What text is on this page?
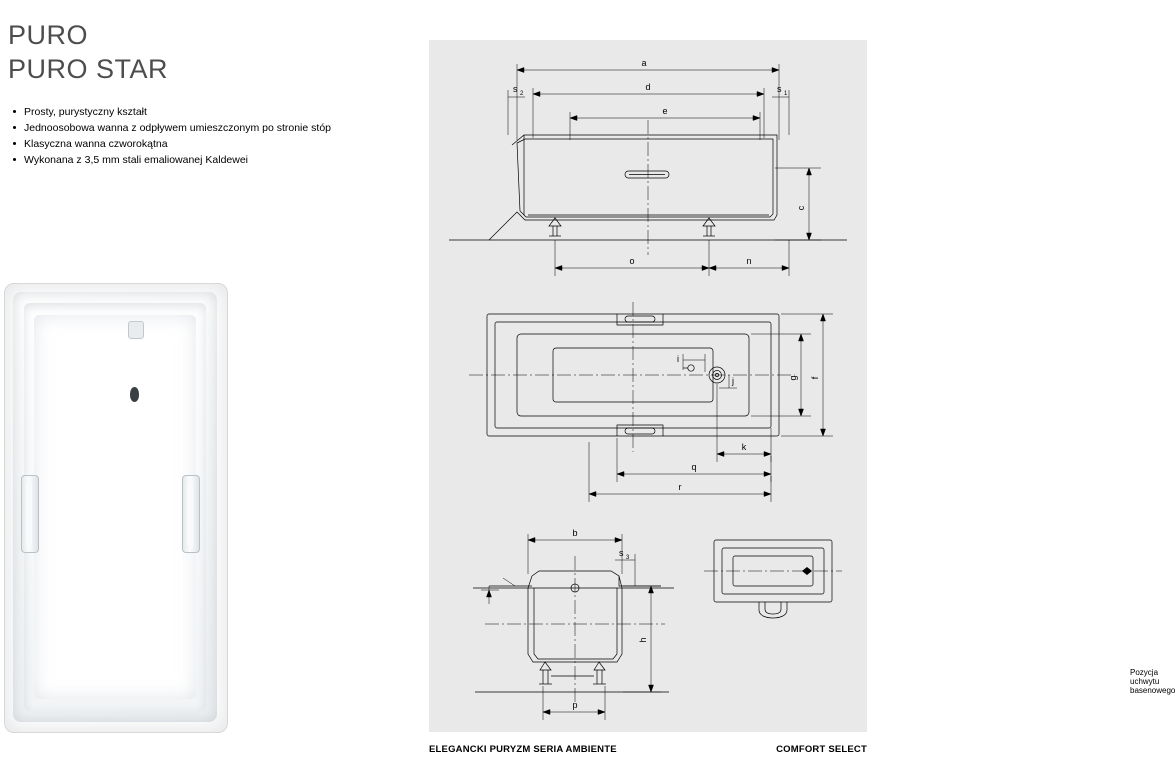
PURO
PURO STAR
Prosty, purystyczny kształt
Jednoosobowa wanna z odpływem umieszczonym po stronie stóp
Klasyczna wanna czworokątna
Wykonana z 3,5 mm stali emaliowanej Kaldewei
a
d
e
s 2	s 1
c
o	n
f
g
i
j
k
q
r
b
s 3
h
p
Pozycja uchwytu basenowego
ELEGANCKI PURYZM SERIA AMBIENTE	COMFORT SELECT
